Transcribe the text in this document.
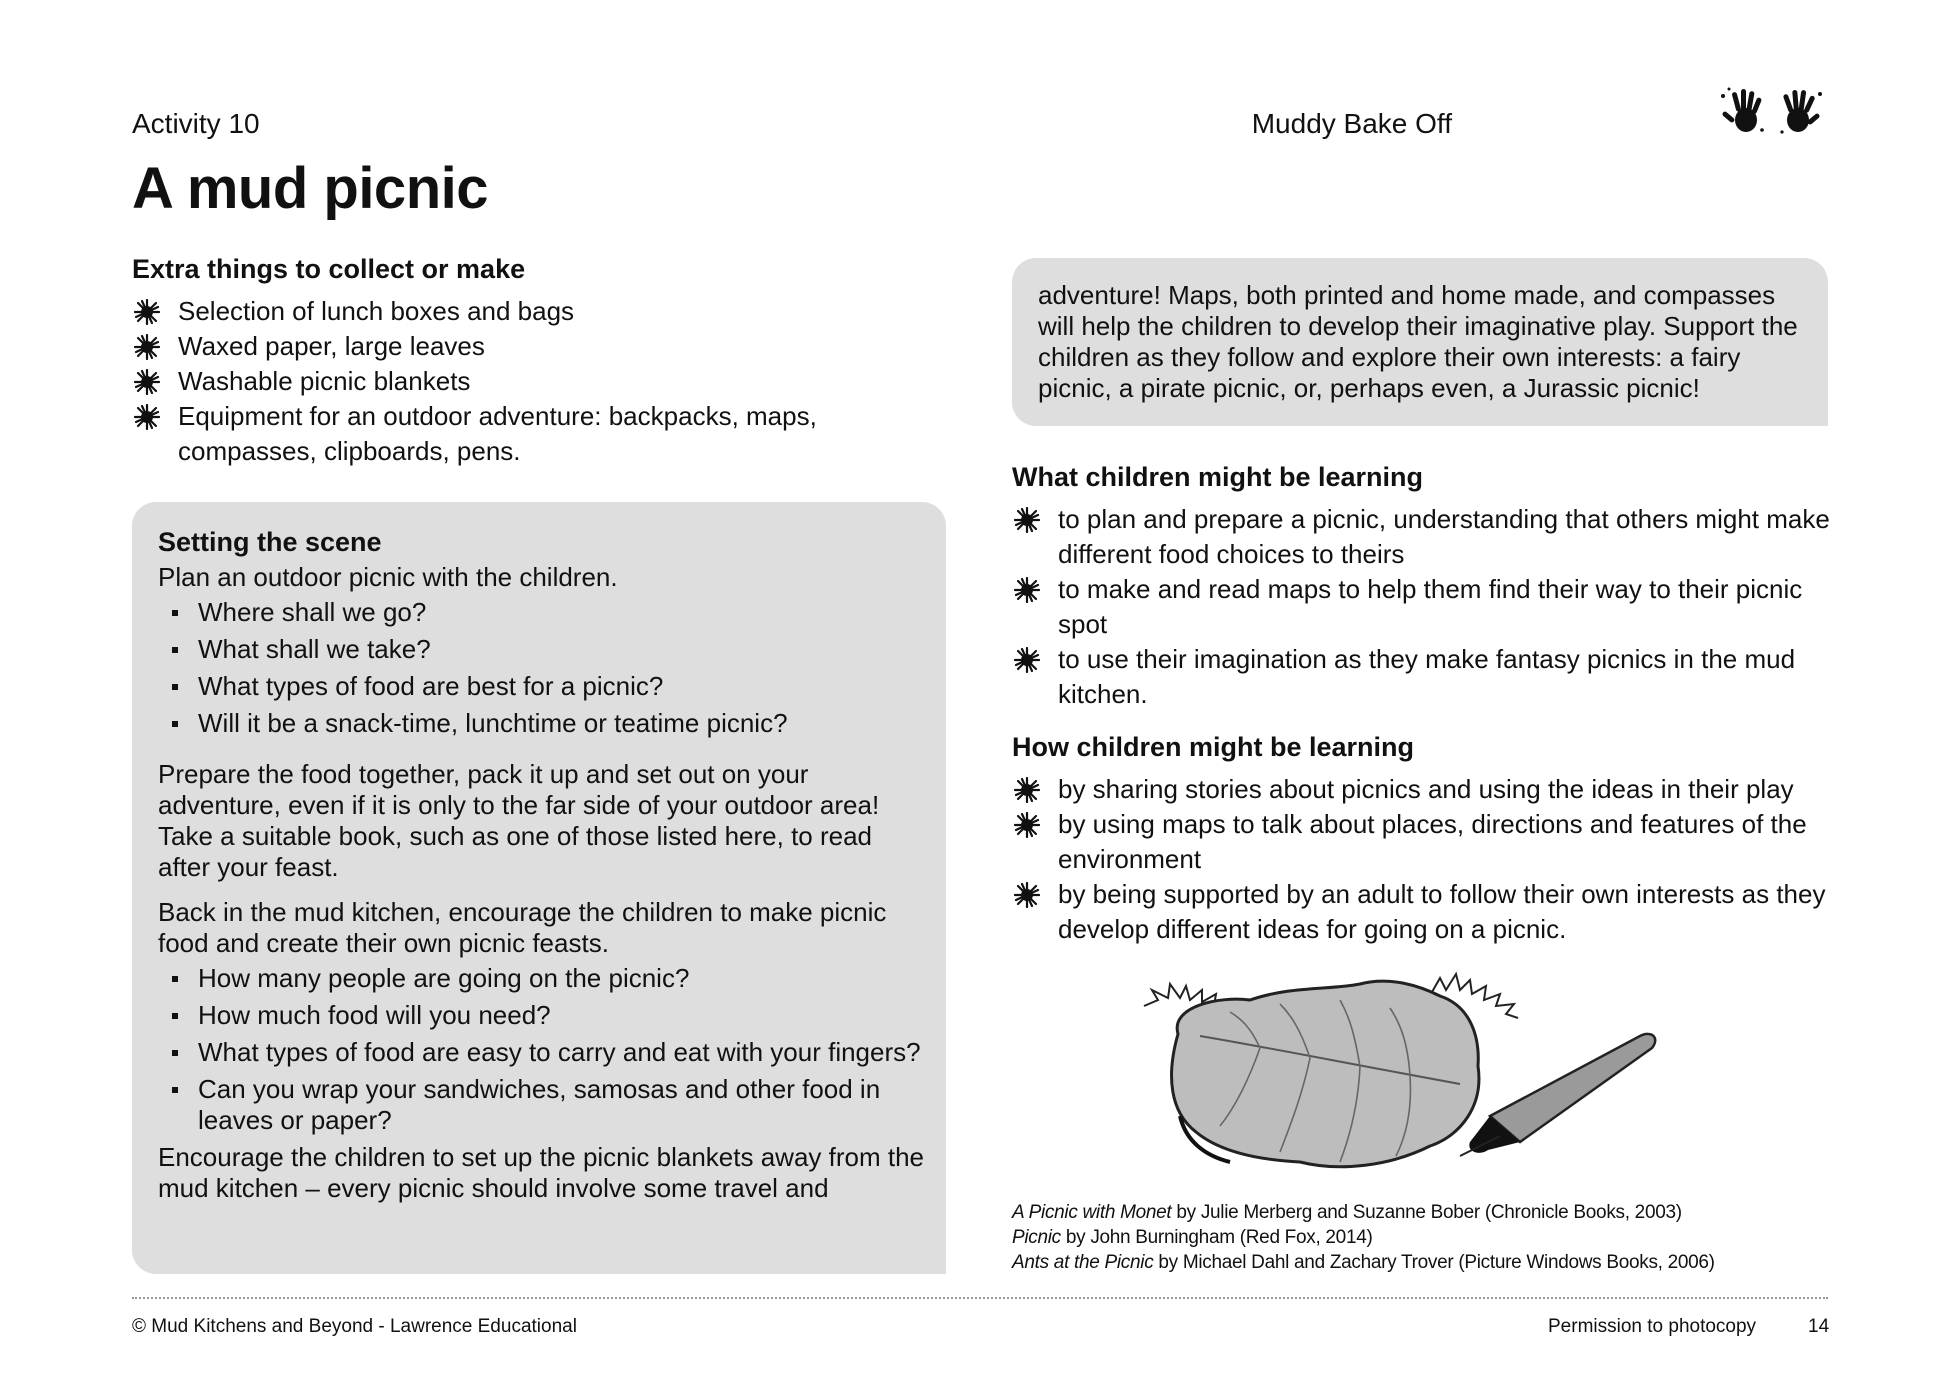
Activity 10
A mud picnic
Muddy Bake Off
Extra things to collect or make
Selection of lunch boxes and bags
Waxed paper, large leaves
Washable picnic blankets
Equipment for an outdoor adventure: backpacks, maps, compasses, clipboards, pens.
Setting the scene

Plan an outdoor picnic with the children.

Where shall we go?
What shall we take?
What types of food are best for a picnic?
Will it be a snack-time, lunchtime or teatime picnic?

Prepare the food together, pack it up and set out on your adventure, even if it is only to the far side of your outdoor area! Take a suitable book, such as one of those listed here, to read after your feast.

Back in the mud kitchen, encourage the children to make picnic food and create their own picnic feasts.

How many people are going on the picnic?
How much food will you need?
What types of food are easy to carry and eat with your fingers?
Can you wrap your sandwiches, samosas and other food in leaves or paper?

Encourage the children to set up the picnic blankets away from the mud kitchen – every picnic should involve some travel and

adventure! Maps, both printed and home made, and compasses will help the children to develop their imaginative play. Support the children as they follow and explore their own interests: a fairy picnic, a pirate picnic, or, perhaps even, a Jurassic picnic!

What children might be learning
to plan and prepare a picnic, understanding that others might make different food choices to theirs
to make and read maps to help them find their way to their picnic spot
to use their imagination as they make fantasy picnics in the mud kitchen.
How children might be learning
by sharing stories about picnics and using the ideas in their play
by using maps to talk about places, directions and features of the environment
by being supported by an adult to follow their own interests as they develop different ideas for going on a picnic.
A Picnic with Monet by Julie Merberg and Suzanne Bober (Chronicle Books, 2003)
Picnic by John Burningham (Red Fox, 2014)
Ants at the Picnic by Michael Dahl and Zachary Trover (Picture Windows Books, 2006)
© Mud Kitchens and Beyond - Lawrence Educational	Permission to photocopy	14
